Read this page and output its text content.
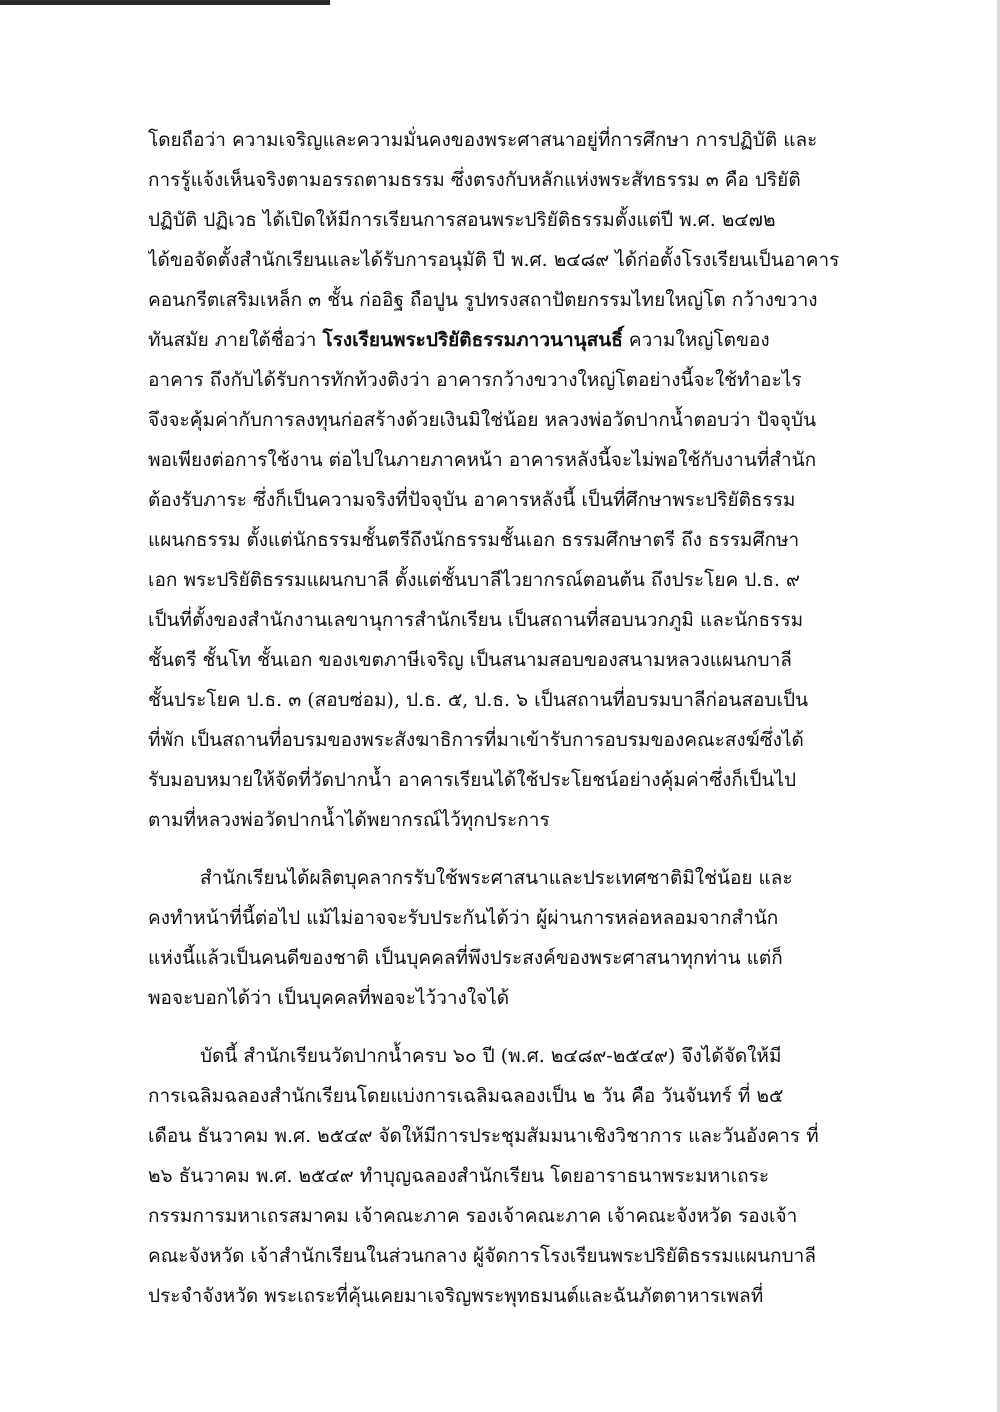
โดยถือว่า ความเจริญและความมั่นคงของพระศาสนาอยู่ที่การศึกษา การปฏิบัติ และ
การรู้แจ้งเห็นจริงตามอรรถตามธรรม ซึ่งตรงกับหลักแห่งพระสัทธรรม ๓ คือ ปริยัติ
ปฏิบัติ ปฏิเวธ ได้เปิดให้มีการเรียนการสอนพระปริยัติธรรมตั้งแต่ปี พ.ศ. ๒๔๗๒
ได้ขอจัดตั้งสำนักเรียนและได้รับการอนุมัติ ปี พ.ศ. ๒๔๘๙ ได้ก่อตั้งโรงเรียนเป็นอาคาร
คอนกรีตเสริมเหล็ก ๓ ชั้น ก่ออิฐ ถือปูน รูปทรงสถาปัตยกรรมไทยใหญ่โต กว้างขวาง
ทันสมัย ภายใต้ชื่อว่า โรงเรียนพระปริยัติธรรมภาวนานุสนธิ์ ความใหญ่โตของ
อาคาร ถึงกับได้รับการทักท้วงติงว่า อาคารกว้างขวางใหญ่โตอย่างนี้จะใช้ทำอะไร
จึงจะคุ้มค่ากับการลงทุนก่อสร้างด้วยเงินมิใช่น้อย หลวงพ่อวัดปากน้ำตอบว่า ปัจจุบัน
พอเพียงต่อการใช้งาน ต่อไปในภายภาคหน้า อาคารหลังนี้จะไม่พอใช้กับงานที่สำนัก
ต้องรับภาระ ซึ่งก็เป็นความจริงที่ปัจจุบัน อาคารหลังนี้ เป็นที่ศึกษาพระปริยัติธรรม
แผนกธรรม ตั้งแต่นักธรรมชั้นตรีถึงนักธรรมชั้นเอก ธรรมศึกษาตรี ถึง ธรรมศึกษา
เอก พระปริยัติธรรมแผนกบาลี ตั้งแต่ชั้นบาลีไวยากรณ์ตอนต้น ถึงประโยค ป.ธ. ๙
เป็นที่ตั้งของสำนักงานเลขานุการสำนักเรียน เป็นสถานที่สอบนวกภูมิ และนักธรรม
ชั้นตรี ชั้นโท ชั้นเอก ของเขตภาษีเจริญ เป็นสนามสอบของสนามหลวงแผนกบาลี
ชั้นประโยค ป.ธ. ๓ (สอบซ่อม), ป.ธ. ๕, ป.ธ. ๖ เป็นสถานที่อบรมบาลีก่อนสอบเป็น
ที่พัก เป็นสถานที่อบรมของพระสังฆาธิการที่มาเข้ารับการอบรมของคณะสงฆ์ซึ่งได้
รับมอบหมายให้จัดที่วัดปากน้ำ อาคารเรียนได้ใช้ประโยชน์อย่างคุ้มค่าซึ่งก็เป็นไป
ตามที่หลวงพ่อวัดปากน้ำได้พยากรณ์ไว้ทุกประการ
สำนักเรียนได้ผลิตบุคลากรรับใช้พระศาสนาและประเทศชาติมิใช่น้อย และ
คงทำหน้าที่นี้ต่อไป แม้ไม่อาจจะรับประกันได้ว่า ผู้ผ่านการหล่อหลอมจากสำนัก
แห่งนี้แล้วเป็นคนดีของชาติ เป็นบุคคลที่พึงประสงค์ของพระศาสนาทุกท่าน แต่ก็
พอจะบอกได้ว่า เป็นบุคคลที่พอจะไว้วางใจได้
บัดนี้ สำนักเรียนวัดปากน้ำครบ ๖๐ ปี (พ.ศ. ๒๔๘๙-๒๕๔๙) จึงได้จัดให้มี
การเฉลิมฉลองสำนักเรียนโดยแบ่งการเฉลิมฉลองเป็น ๒ วัน คือ วันจันทร์ ที่ ๒๕
เดือน ธันวาคม พ.ศ. ๒๕๔๙ จัดให้มีการประชุมสัมมนาเชิงวิชาการ และวันอังคาร ที่
๒๖ ธันวาคม พ.ศ. ๒๕๔๙ ทำบุญฉลองสำนักเรียน โดยอาราธนาพระมหาเถระ
กรรมการมหาเถรสมาคม เจ้าคณะภาค รองเจ้าคณะภาค เจ้าคณะจังหวัด รองเจ้า
คณะจังหวัด เจ้าสำนักเรียนในส่วนกลาง ผู้จัดการโรงเรียนพระปริยัติธรรมแผนกบาลี
ประจำจังหวัด พระเถระที่คุ้นเคยมาเจริญพระพุทธมนต์และฉันภัตตาหารเพลที่
